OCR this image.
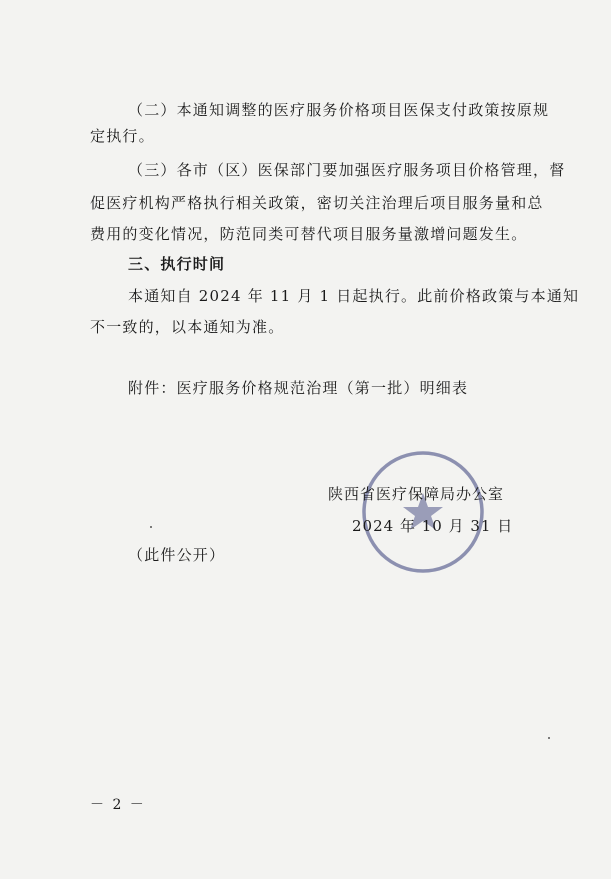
（二）本通知调整的医疗服务价格项目医保支付政策按原规
定执行。
（三）各市（区）医保部门要加强医疗服务项目价格管理，督
促医疗机构严格执行相关政策，密切关注治理后项目服务量和总
费用的变化情况，防范同类可替代项目服务量激增问题发生。
三、执行时间
本通知自 2024 年 11 月 1 日起执行。此前价格政策与本通知
不一致的，以本通知为准。
附件：医疗服务价格规范治理（第一批）明细表
陕西省医疗保障局办公室
2024 年 10 月 31 日
（此件公开）
－ 2 －
